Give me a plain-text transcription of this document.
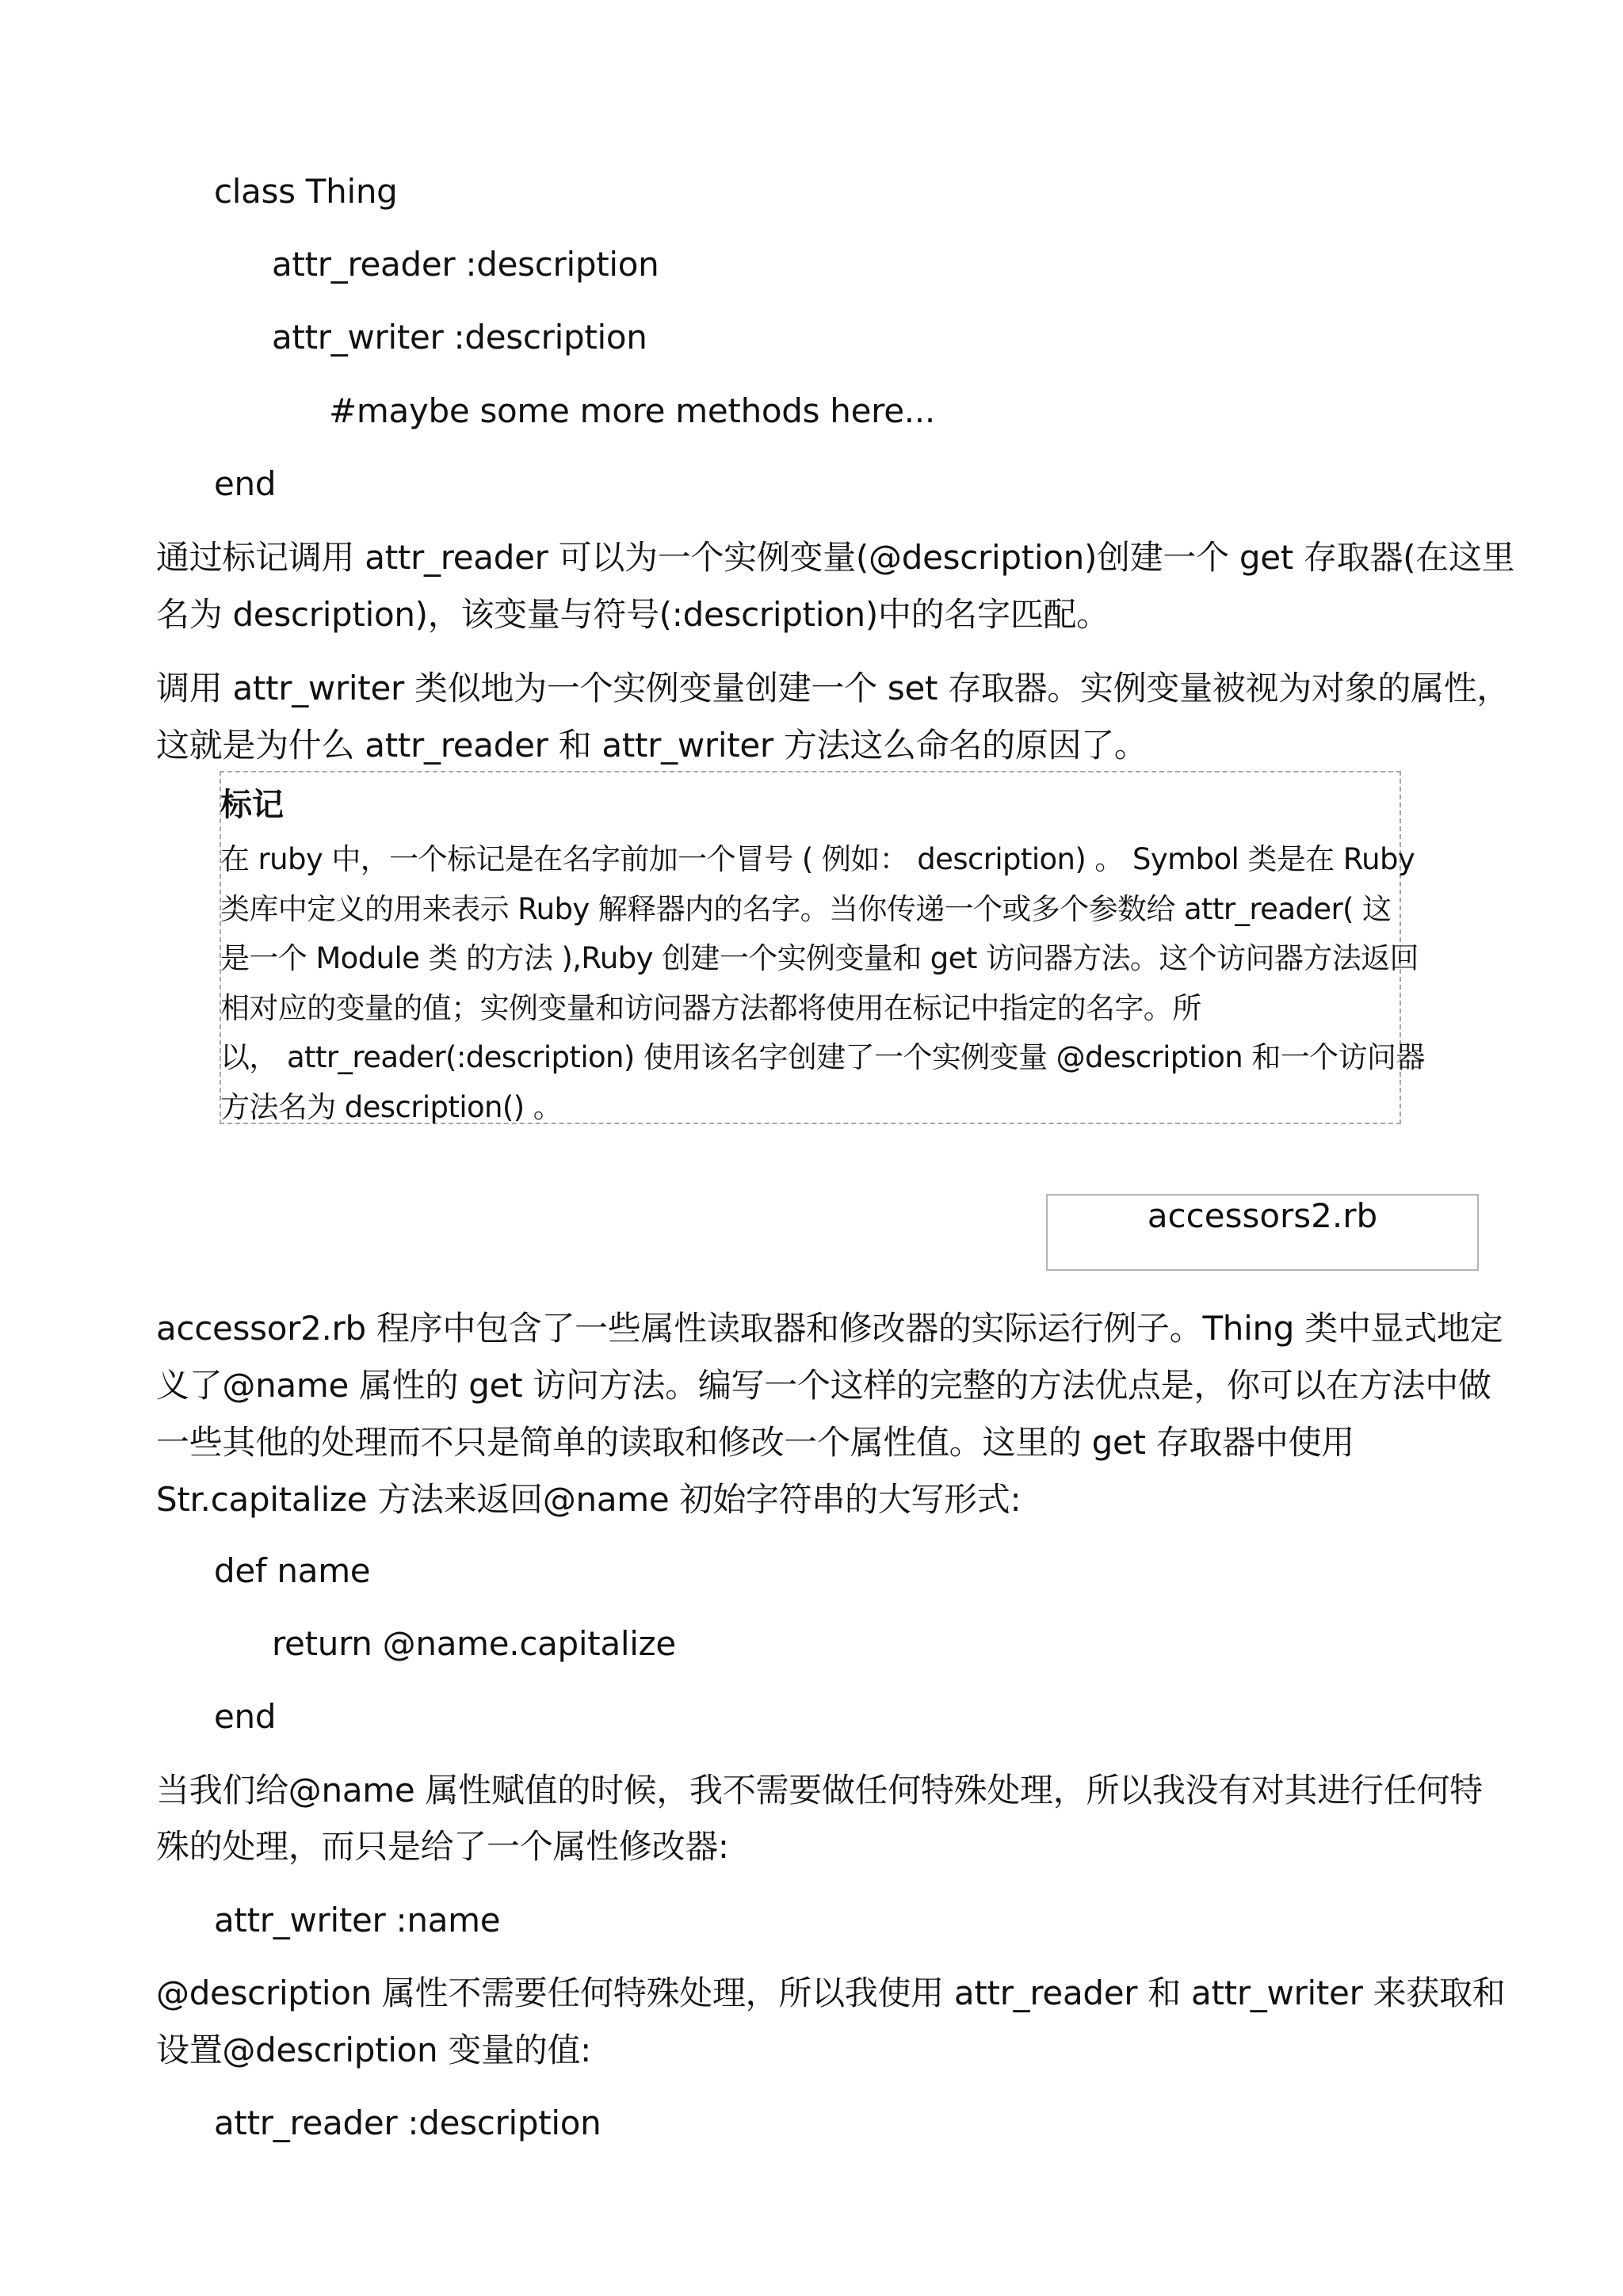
class Thing
attr_reader :description
attr_writer :description
#maybe some more methods here...
end
通过标记调用 attr_reader 可以为一个实例变量(@description)创建一个 get 存取器(在这里
名为 description)，该变量与符号(:description)中的名字匹配。
调用 attr_writer 类似地为一个实例变量创建一个 set 存取器。实例变量被视为对象的属性，
这就是为什么 attr_reader 和 attr_writer 方法这么命名的原因了。
标记
在 ruby 中，一个标记是在名字前加一个冒号 ( 例如： description) 。 Symbol 类是在 Ruby
类库中定义的用来表示 Ruby 解释器内的名字。当你传递一个或多个参数给 attr_reader( 这
是一个 Module 类 的方法 ),Ruby 创建一个实例变量和 get 访问器方法。这个访问器方法返回
相对应的变量的值；实例变量和访问器方法都将使用在标记中指定的名字。所
以， attr_reader(:description) 使用该名字创建了一个实例变量 @description 和一个访问器
方法名为 description() 。
accessors2.rb
accessor2.rb 程序中包含了一些属性读取器和修改器的实际运行例子。Thing 类中显式地定
义了@name 属性的 get 访问方法。编写一个这样的完整的方法优点是，你可以在方法中做
一些其他的处理而不只是简单的读取和修改一个属性值。这里的 get 存取器中使用
Str.capitalize 方法来返回@name 初始字符串的大写形式:
def name
return @name.capitalize
end
当我们给@name 属性赋值的时候，我不需要做任何特殊处理，所以我没有对其进行任何特
殊的处理，而只是给了一个属性修改器:
attr_writer :name
@description 属性不需要任何特殊处理，所以我使用 attr_reader 和 attr_writer 来获取和
设置@description 变量的值:
attr_reader :description
